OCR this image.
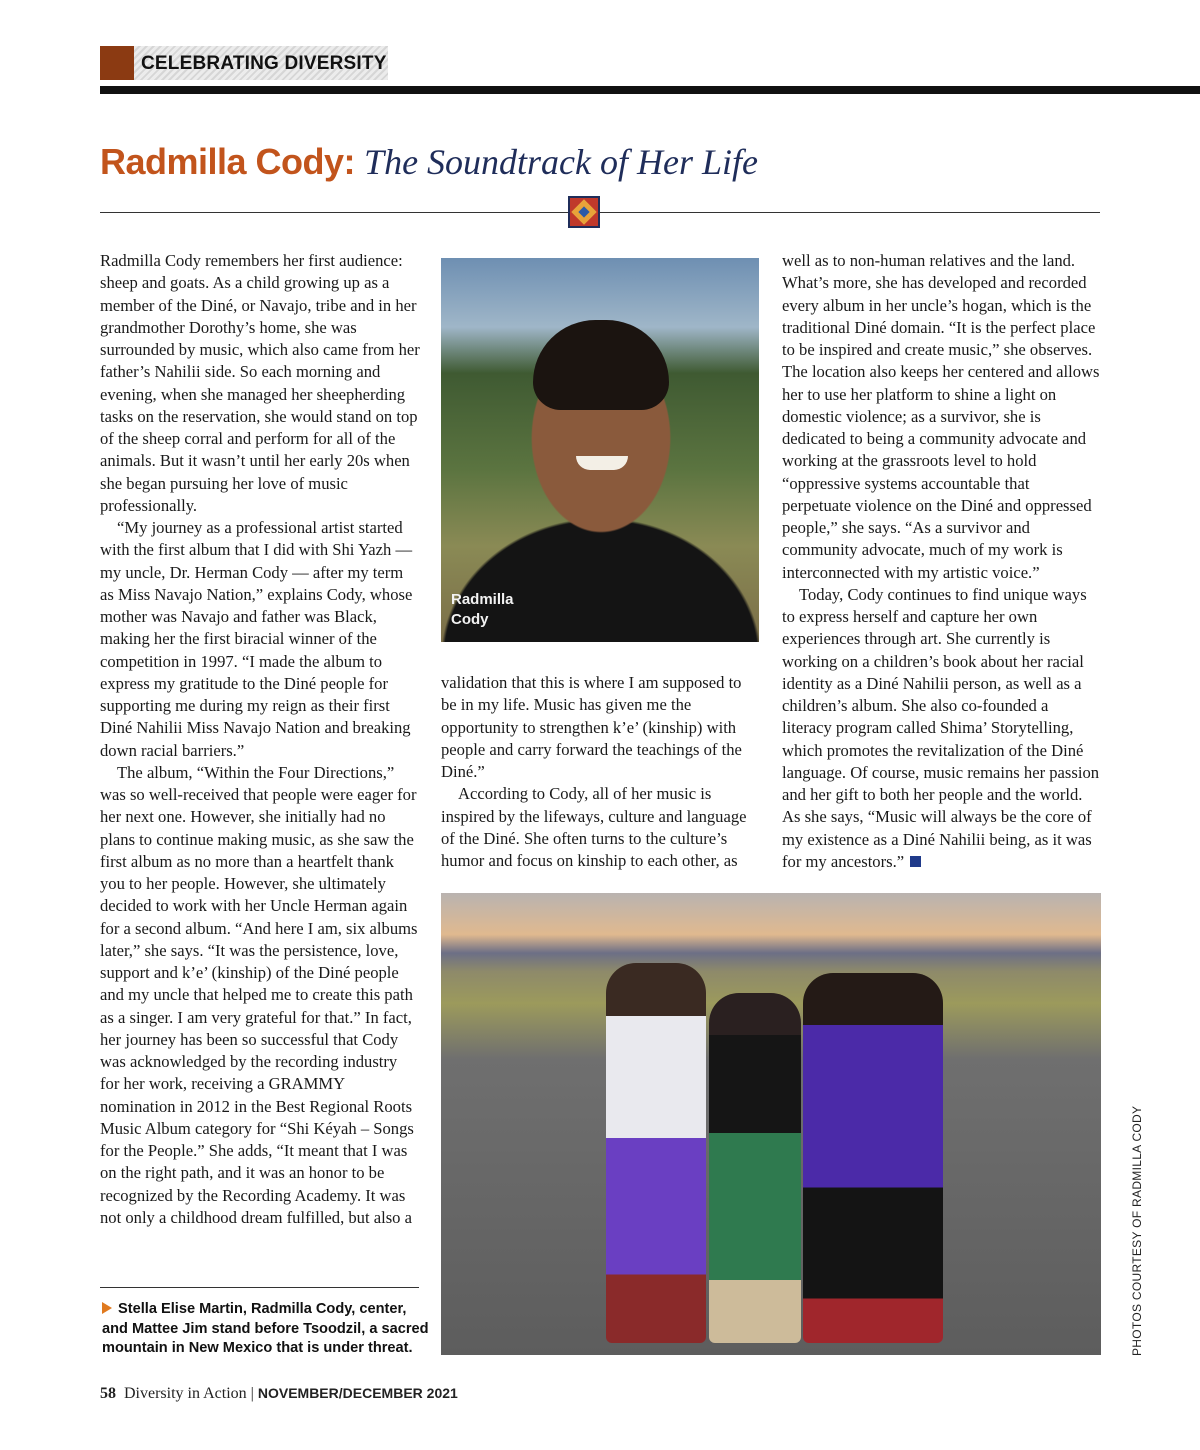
CELEBRATING DIVERSITY
Radmilla Cody: The Soundtrack of Her Life

Radmilla Cody remembers her first audience: sheep and goats. As a child growing up as a member of the Diné, or Navajo, tribe and in her grandmother Dorothy’s home, she was surrounded by music, which also came from her father’s Nahilii side. So each morning and evening, when she managed her sheepherding tasks on the reservation, she would stand on top of the sheep corral and perform for all of the animals. But it wasn’t until her early 20s when she began pursuing her love of music professionally.

“My journey as a professional artist started with the first album that I did with Shi Yazh — my uncle, Dr. Herman Cody — after my term as Miss Navajo Nation,” explains Cody, whose mother was Navajo and father was Black, making her the first biracial winner of the competition in 1997. “I made the album to express my gratitude to the Diné people for supporting me during my reign as their first Diné Nahilii Miss Navajo Nation and breaking down racial barriers.”

The album, “Within the Four Directions,” was so well-received that people were eager for her next one. However, she initially had no plans to continue making music, as she saw the first album as no more than a heartfelt thank you to her people. However, she ultimately decided to work with her Uncle Herman again for a second album. “And here I am, six albums later,” she says. “It was the persistence, love, support and k’e’ (kinship) of the Diné people and my uncle that helped me to create this path as a singer. I am very grateful for that.” In fact, her journey has been so successful that Cody was acknowledged by the recording industry for her work, receiving a GRAMMY nomination in 2012 in the Best Regional Roots Music Album category for “Shi Kéyah – Songs for the People.” She adds, “It meant that I was on the right path, and it was an honor to be recognized by the Recording Academy. It was not only a childhood dream fulfilled, but also a

Radmilla
Cody

validation that this is where I am supposed to be in my life. Music has given me the opportunity to strengthen k’e’ (kinship) with people and carry forward the teachings of the Diné.”

According to Cody, all of her music is inspired by the lifeways, culture and language of the Diné. She often turns to the culture’s humor and focus on kinship to each other, as

well as to non-human relatives and the land. What’s more, she has developed and recorded every album in her uncle’s hogan, which is the traditional Diné domain. “It is the perfect place to be inspired and create music,” she observes. The location also keeps her centered and allows her to use her platform to shine a light on domestic violence; as a survivor, she is dedicated to being a community advocate and working at the grassroots level to hold “oppressive systems accountable that perpetuate violence on the Diné and oppressed people,” she says. “As a survivor and community advocate, much of my work is interconnected with my artistic voice.”

Today, Cody continues to find unique ways to express herself and capture her own experiences through art. She currently is working on a children’s book about her racial identity as a Diné Nahilii person, as well as a children’s album. She also co-founded a literacy program called Shima’ Storytelling, which promotes the revitalization of the Diné language. Of course, music remains her passion and her gift to both her people and the world. As she says, “Music will always be the core of my existence as a Diné Nahilii being, as it was for my ancestors.”

PHOTOS COURTESY OF RADMILLA CODY
Stella Elise Martin, Radmilla Cody, center, and Mattee Jim stand before Tsoodzil, a sacred mountain in New Mexico that is under threat.
58 Diversity in Action | NOVEMBER/DECEMBER 2021
